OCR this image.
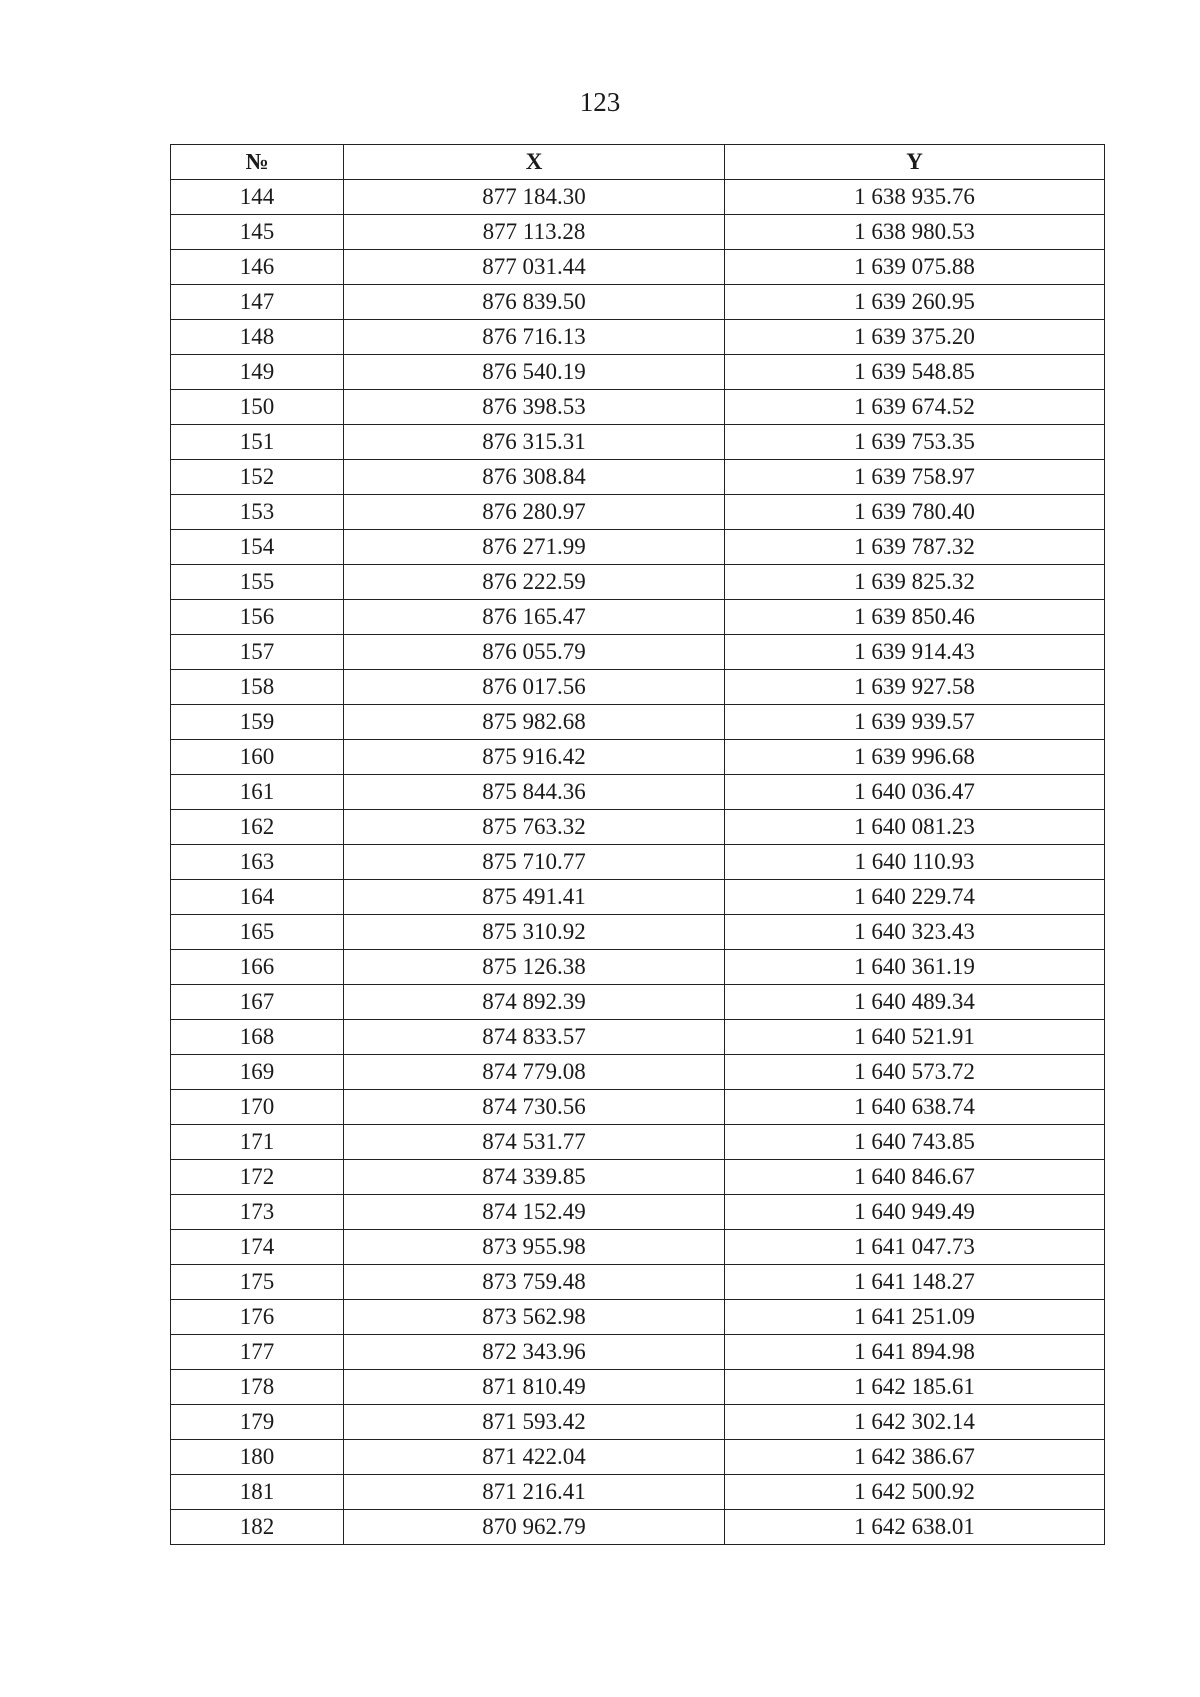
123
№	X	Y
144	877 184.30	1 638 935.76
145	877 113.28	1 638 980.53
146	877 031.44	1 639 075.88
147	876 839.50	1 639 260.95
148	876 716.13	1 639 375.20
149	876 540.19	1 639 548.85
150	876 398.53	1 639 674.52
151	876 315.31	1 639 753.35
152	876 308.84	1 639 758.97
153	876 280.97	1 639 780.40
154	876 271.99	1 639 787.32
155	876 222.59	1 639 825.32
156	876 165.47	1 639 850.46
157	876 055.79	1 639 914.43
158	876 017.56	1 639 927.58
159	875 982.68	1 639 939.57
160	875 916.42	1 639 996.68
161	875 844.36	1 640 036.47
162	875 763.32	1 640 081.23
163	875 710.77	1 640 110.93
164	875 491.41	1 640 229.74
165	875 310.92	1 640 323.43
166	875 126.38	1 640 361.19
167	874 892.39	1 640 489.34
168	874 833.57	1 640 521.91
169	874 779.08	1 640 573.72
170	874 730.56	1 640 638.74
171	874 531.77	1 640 743.85
172	874 339.85	1 640 846.67
173	874 152.49	1 640 949.49
174	873 955.98	1 641 047.73
175	873 759.48	1 641 148.27
176	873 562.98	1 641 251.09
177	872 343.96	1 641 894.98
178	871 810.49	1 642 185.61
179	871 593.42	1 642 302.14
180	871 422.04	1 642 386.67
181	871 216.41	1 642 500.92
182	870 962.79	1 642 638.01
